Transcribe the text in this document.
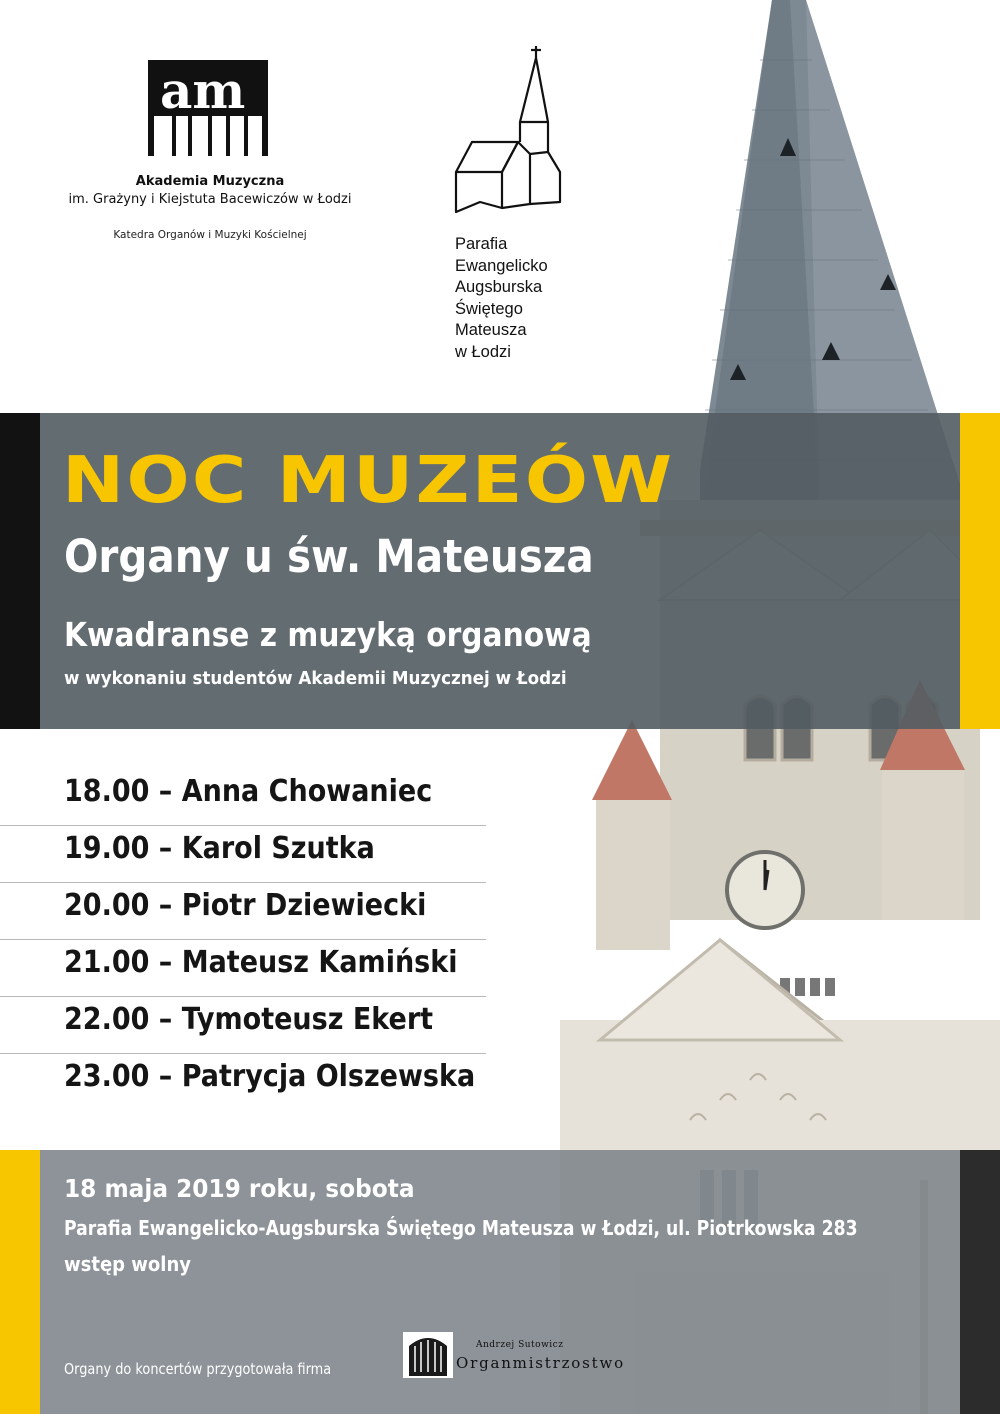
am
Akademia Muzyczna
im. Grażyny i Kiejstuta Bacewiczów w Łodzi
Katedra Organów i Muzyki Kościelnej	Parafia
Ewangelicko
Augsburska
Świętego
Mateusza
w Łodzi
NOC MUZEÓW
Organy u św. Mateusza
Kwadranse z muzyką organową
w wykonaniu studentów Akademii Muzycznej w Łodzi
18.00 – Anna Chowaniec
19.00 – Karol Szutka
20.00 – Piotr Dziewiecki
21.00 – Mateusz Kamiński
22.00 – Tymoteusz Ekert
23.00 – Patrycja Olszewska
18 maja 2019 roku, sobota
Parafia Ewangelicko-Augsburska Świętego Mateusza w Łodzi, ul. Piotrkowska 283
wstęp wolny
Organy do koncertów przygotowała firma
Andrzej Sutowicz
Organmistrzostwo
